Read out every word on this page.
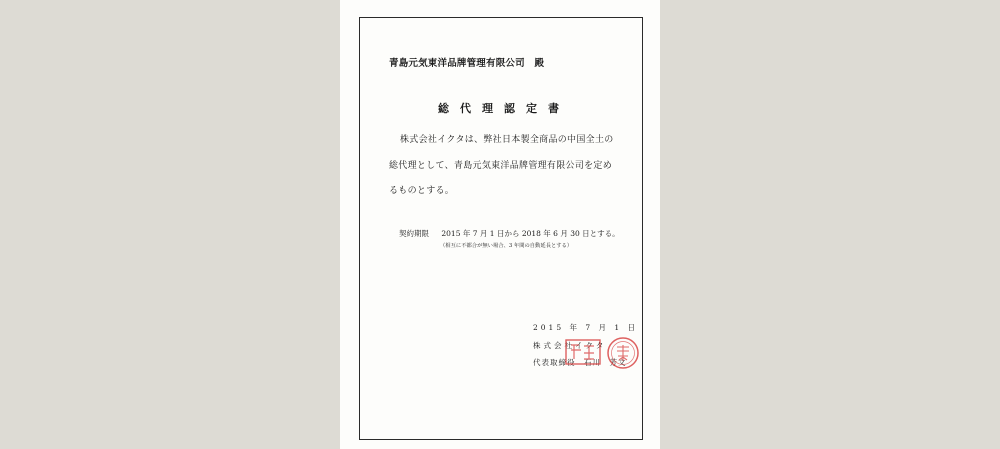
青島元気東洋品牌管理有限公司　殿
総代理認定書
株式会社イクタは、弊社日本製全商品の中国全土の
総代理として、青島元気東洋品牌管理有限公司を定め
るものとする。
契約期限 2015 年 7 月 1 日から 2018 年 6 月 30 日とする。
（相互に不都合が無い場合、3 年間の自動延長とする）
2015 年 7 月 1 日
株式会社イクタ
代表取締役　石川　芳文
